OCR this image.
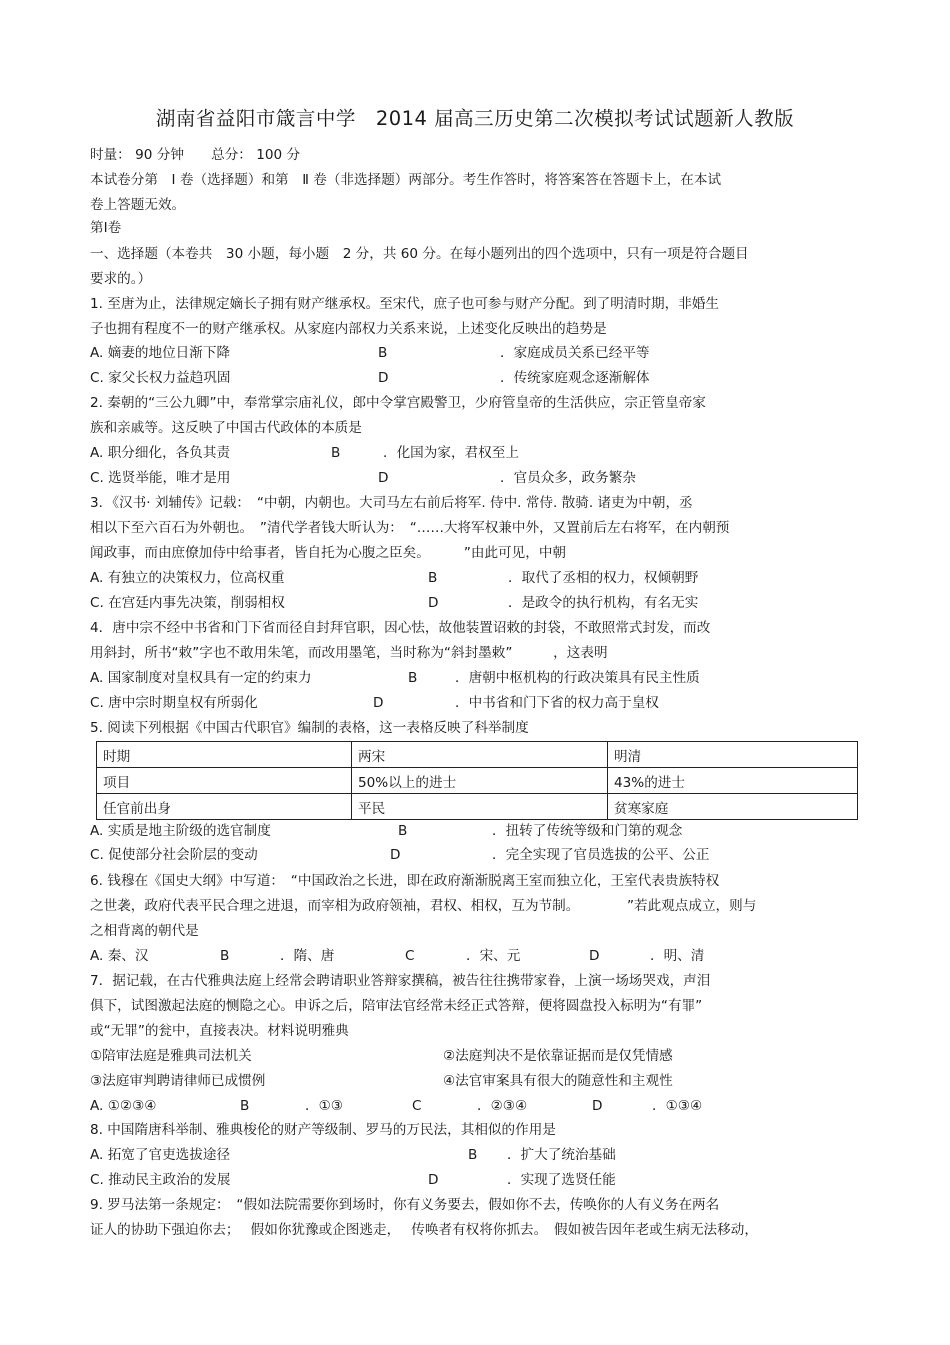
湖南省益阳市箴言中学　2014 届高三历史第二次模拟考试试题新人教版
时量： 90 分钟　　总分： 100 分
本试卷分第　Ⅰ 卷（选择题）和第　Ⅱ 卷（非选择题）两部分。考生作答时，将答案答在答题卡上，在本试
卷上答题无效。
第Ⅰ卷
一、选择题（本卷共　30 小题，每小题　2 分，共 60 分。在每小题列出的四个选项中，只有一项是符合题目
要求的。）
1. 至唐为止，法律规定嫡长子拥有财产继承权。至宋代，庶子也可参与财产分配。到了明清时期，非婚生
子也拥有程度不一的财产继承权。从家庭内部权力关系来说，上述变化反映出的趋势是
A. 嫡妻的地位日渐下降	B	．家庭成员关系已经平等
C. 家父长权力益趋巩固	D	．传统家庭观念逐渐解体
2. 秦朝的“三公九卿”中，奉常掌宗庙礼仪，郎中令掌宫殿警卫，少府管皇帝的生活供应，宗正管皇帝家
族和亲戚等。这反映了中国古代政体的本质是
A. 职分细化，各负其责	B	．化国为家，君权至上
C. 选贤举能，唯才是用	D	．官员众多，政务繁杂
3．《汉书· 刘辅传》记载：　“中朝，内朝也。大司马左右前后将军. 侍中. 常侍. 散骑. 诸吏为中朝，丞
相以下至六百石为外朝也。　”清代学者钱大昕认为：　“……大将军权兼中外，又置前后左右将军，在内朝预
闻政事，而由庶僚加侍中给事者，皆自托为心腹之臣矣。　　　”由此可见，中朝
A. 有独立的决策权力，位高权重	B	．取代了丞相的权力，权倾朝野
C. 在宫廷内事先决策，削弱相权	D	．是政令的执行机构，有名无实
4．唐中宗不经中书省和门下省而径自封拜官职，因心怯，故他装置诏敕的封袋，不敢照常式封发，而改
用斜封，所书“敕”字也不敢用朱笔，而改用墨笔，当时称为“斜封墨敕”　　　，这表明
A. 国家制度对皇权具有一定的约束力	B	．唐朝中枢机构的行政决策具有民主性质
C. 唐中宗时期皇权有所弱化	D	．中书省和门下省的权力高于皇权
5. 阅读下列根据《中国古代职官》编制的表格，这一表格反映了科举制度
时期	两宋	明清
项目	50%以上的进士	43%的进士
任官前出身	平民	贫寒家庭
A. 实质是地主阶级的选官制度	B	．扭转了传统等级和门第的观念
C. 促使部分社会阶层的变动	D	．完全实现了官员选拔的公平、公正
6. 钱穆在《国史大纲》中写道：　“中国政治之长进，即在政府渐渐脱离王室而独立化，王室代表贵族特权
之世袭，政府代表平民合理之进退，而宰相为政府领袖，君权、相权，互为节制。　　　　”若此观点成立，则与
之相背离的朝代是
A. 秦、汉	B	．隋、唐	C	．宋、元	D	．明、清
7．据记载，在古代雅典法庭上经常会聘请职业答辩家撰稿，被告往往携带家眷，上演一场场哭戏，声泪
俱下，试图激起法庭的恻隐之心。申诉之后，陪审法官经常未经正式答辩，便将圆盘投入标明为“有罪”
或“无罪”的瓮中，直接表决。材料说明雅典
①陪审法庭是雅典司法机关	②法庭判决不是依靠证据而是仅凭情感
③法庭审判聘请律师已成惯例	④法官审案具有很大的随意性和主观性
A. ①②③④	B	．①③	C	．②③④	D	．①③④
8. 中国隋唐科举制、雅典梭伦的财产等级制、罗马的万民法，其相似的作用是
A. 拓宽了官吏选拔途径	B ．扩大了统治基础
C. 推动民主政治的发展	D	．实现了选贤任能
9. 罗马法第一条规定：　“假如法院需要你到场时，你有义务要去，假如你不去，传唤你的人有义务在两名
证人的协助下强迫你去；　 假如你犹豫或企图逃走，　 传唤者有权将你抓去。　假如被告因年老或生病无法移动，
